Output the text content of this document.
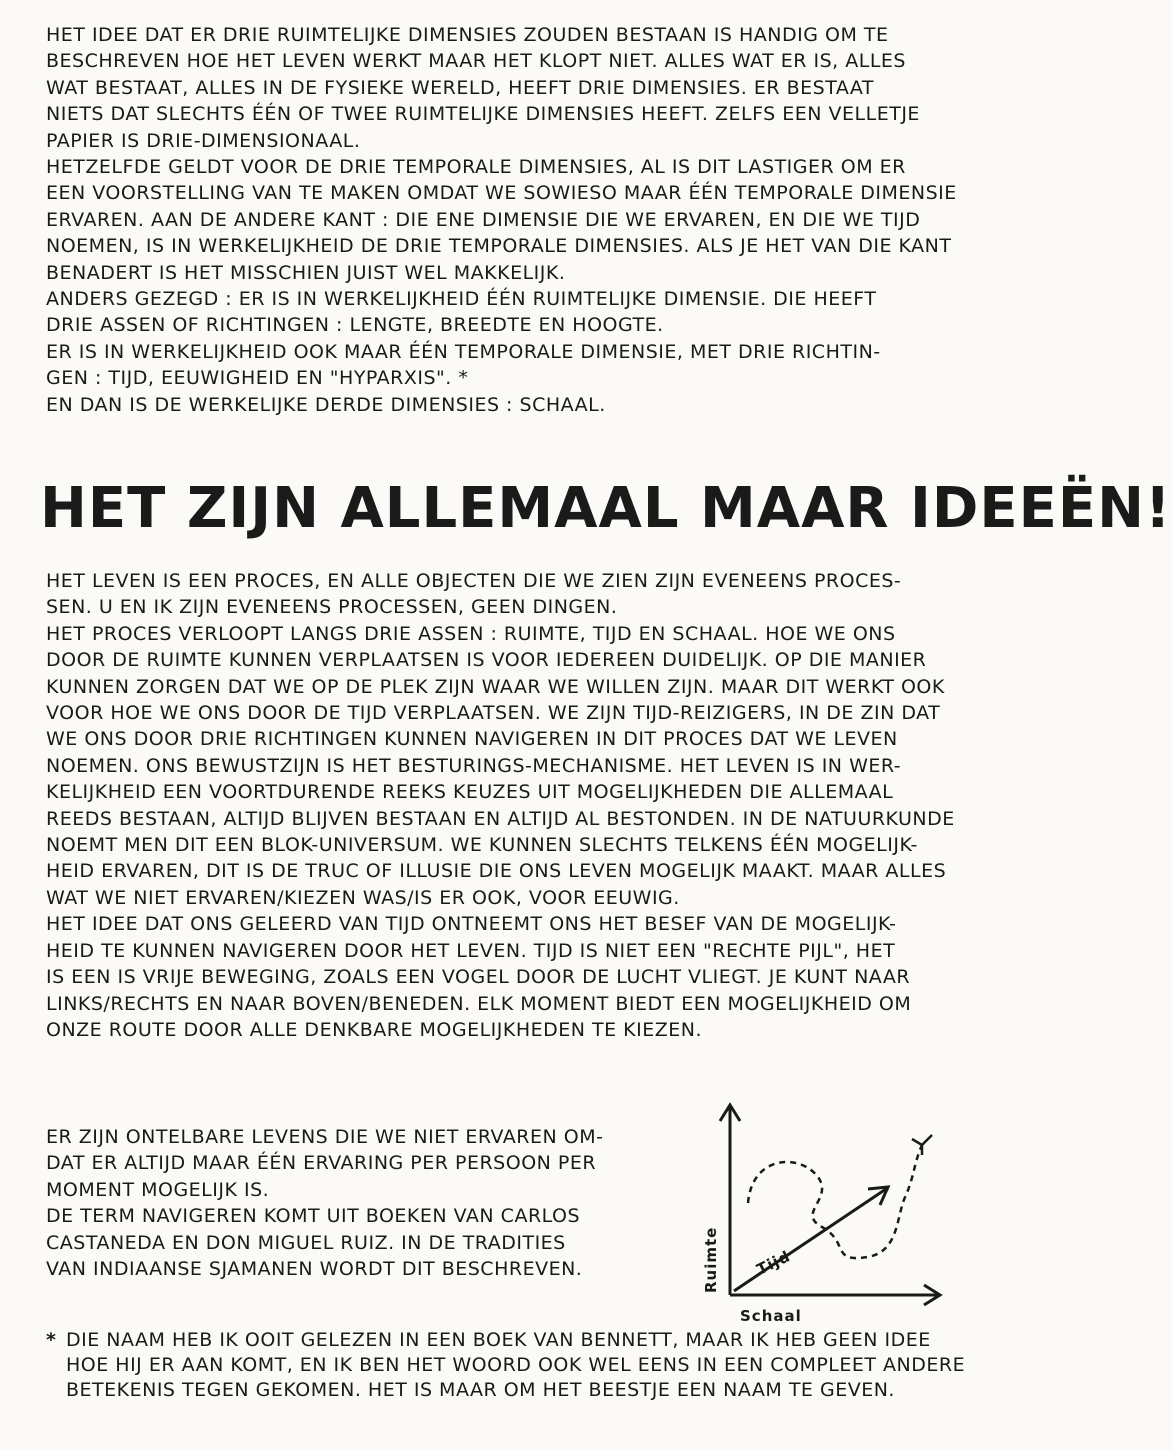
HET IDEE DAT ER DRIE RUIMTELIJKE DIMENSIES ZOUDEN BESTAAN IS HANDIG OM TE
BESCHREVEN HOE HET LEVEN WERKT MAAR HET KLOPT NIET. ALLES WAT ER IS, ALLES
WAT BESTAAT, ALLES IN DE FYSIEKE WERELD, HEEFT DRIE DIMENSIES. ER BESTAAT
NIETS DAT SLECHTS ÉÉN OF TWEE RUIMTELIJKE DIMENSIES HEEFT. ZELFS EEN VELLETJE
PAPIER IS DRIE-DIMENSIONAAL.
HETZELFDE GELDT VOOR DE DRIE TEMPORALE DIMENSIES, AL IS DIT LASTIGER OM ER
EEN VOORSTELLING VAN TE MAKEN OMDAT WE SOWIESO MAAR ÉÉN TEMPORALE DIMENSIE
ERVAREN. AAN DE ANDERE KANT : DIE ENE DIMENSIE DIE WE ERVAREN, EN DIE WE TIJD
NOEMEN, IS IN WERKELIJKHEID DE DRIE TEMPORALE DIMENSIES. ALS JE HET VAN DIE KANT
BENADERT IS HET MISSCHIEN JUIST WEL MAKKELIJK.
ANDERS GEZEGD : ER IS IN WERKELIJKHEID ÉÉN RUIMTELIJKE DIMENSIE. DIE HEEFT
DRIE ASSEN OF RICHTINGEN : LENGTE, BREEDTE EN HOOGTE.
ER IS IN WERKELIJKHEID OOK MAAR ÉÉN TEMPORALE DIMENSIE, MET DRIE RICHTIN-
GEN : TIJD, EEUWIGHEID EN "HYPARXIS". *
EN DAN IS DE WERKELIJKE DERDE DIMENSIES : SCHAAL.
HET ZIJN ALLEMAAL MAAR IDEEËN!
HET LEVEN IS EEN PROCES, EN ALLE OBJECTEN DIE WE ZIEN ZIJN EVENEENS PROCES-
SEN. U EN IK ZIJN EVENEENS PROCESSEN, GEEN DINGEN.
HET PROCES VERLOOPT LANGS DRIE ASSEN : RUIMTE, TIJD EN SCHAAL. HOE WE ONS
DOOR DE RUIMTE KUNNEN VERPLAATSEN IS VOOR IEDEREEN DUIDELIJK. OP DIE MANIER
KUNNEN ZORGEN DAT WE OP DE PLEK ZIJN WAAR WE WILLEN ZIJN. MAAR DIT WERKT OOK
VOOR HOE WE ONS DOOR DE TIJD VERPLAATSEN. WE ZIJN TIJD-REIZIGERS, IN DE ZIN DAT
WE ONS DOOR DRIE RICHTINGEN KUNNEN NAVIGEREN IN DIT PROCES DAT WE LEVEN
NOEMEN. ONS BEWUSTZIJN IS HET BESTURINGS-MECHANISME. HET LEVEN IS IN WER-
KELIJKHEID EEN VOORTDURENDE REEKS KEUZES UIT MOGELIJKHEDEN DIE ALLEMAAL
REEDS BESTAAN, ALTIJD BLIJVEN BESTAAN EN ALTIJD AL BESTONDEN. IN DE NATUURKUNDE
NOEMT MEN DIT EEN BLOK-UNIVERSUM. WE KUNNEN SLECHTS TELKENS ÉÉN MOGELIJK-
HEID ERVAREN, DIT IS DE TRUC OF ILLUSIE DIE ONS LEVEN MOGELIJK MAAKT. MAAR ALLES
WAT WE NIET ERVAREN/KIEZEN WAS/IS ER OOK, VOOR EEUWIG.
HET IDEE DAT ONS GELEERD VAN TIJD ONTNEEMT ONS HET BESEF VAN DE MOGELIJK-
HEID TE KUNNEN NAVIGEREN DOOR HET LEVEN. TIJD IS NIET EEN "RECHTE PIJL", HET
IS EEN IS VRIJE BEWEGING, ZOALS EEN VOGEL DOOR DE LUCHT VLIEGT. JE KUNT NAAR
LINKS/RECHTS EN NAAR BOVEN/BENEDEN. ELK MOMENT BIEDT EEN MOGELIJKHEID OM
ONZE ROUTE DOOR ALLE DENKBARE MOGELIJKHEDEN TE KIEZEN.
ER ZIJN ONTELBARE LEVENS DIE WE NIET ERVAREN OM-
DAT ER ALTIJD MAAR ÉÉN ERVARING PER PERSOON PER
MOMENT MOGELIJK IS.
DE TERM NAVIGEREN KOMT UIT BOEKEN VAN CARLOS
CASTANEDA EN DON MIGUEL RUIZ. IN DE TRADITIES
VAN INDIAANSE SJAMANEN WORDT DIT BESCHREVEN.	Ruimte Tijd
Schaal
* DIE NAAM HEB IK OOIT GELEZEN IN EEN BOEK VAN BENNETT, MAAR IK HEB GEEN IDEE
HOE HIJ ER AAN KOMT, EN IK BEN HET WOORD OOK WEL EENS IN EEN COMPLEET ANDERE
BETEKENIS TEGEN GEKOMEN. HET IS MAAR OM HET BEESTJE EEN NAAM TE GEVEN.
